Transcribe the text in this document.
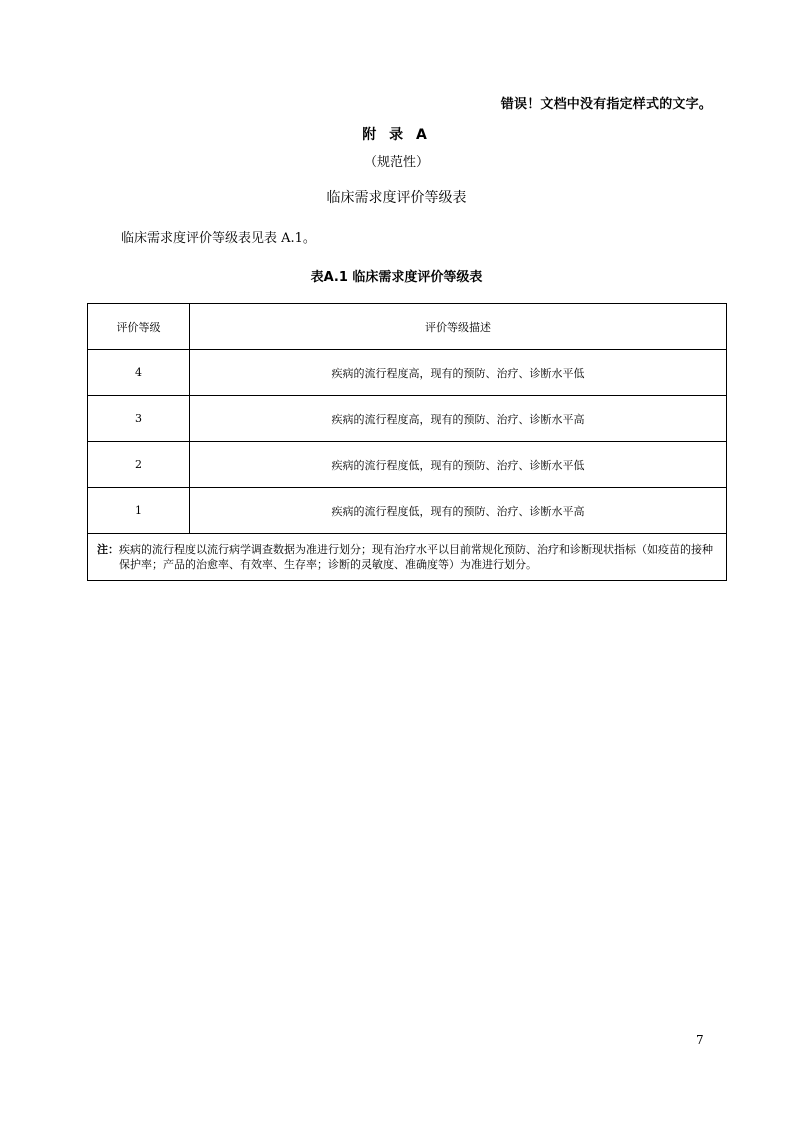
错误！文档中没有指定样式的文字。
附 录 A
（规范性）
临床需求度评价等级表
临床需求度评价等级表见表 A.1。
表A.1 临床需求度评价等级表
评价等级	评价等级描述
4	疾病的流行程度高，现有的预防、治疗、诊断水平低
3	疾病的流行程度高，现有的预防、治疗、诊断水平高
2	疾病的流行程度低，现有的预防、治疗、诊断水平低
1	疾病的流行程度低，现有的预防、治疗、诊断水平高
注：疾病的流行程度以流行病学调查数据为准进行划分；现有治疗水平以目前常规化预防、治疗和诊断现状指标（如疫苗的接种保护率；产品的治愈率、有效率、生存率；诊断的灵敏度、准确度等）为准进行划分。	
7
